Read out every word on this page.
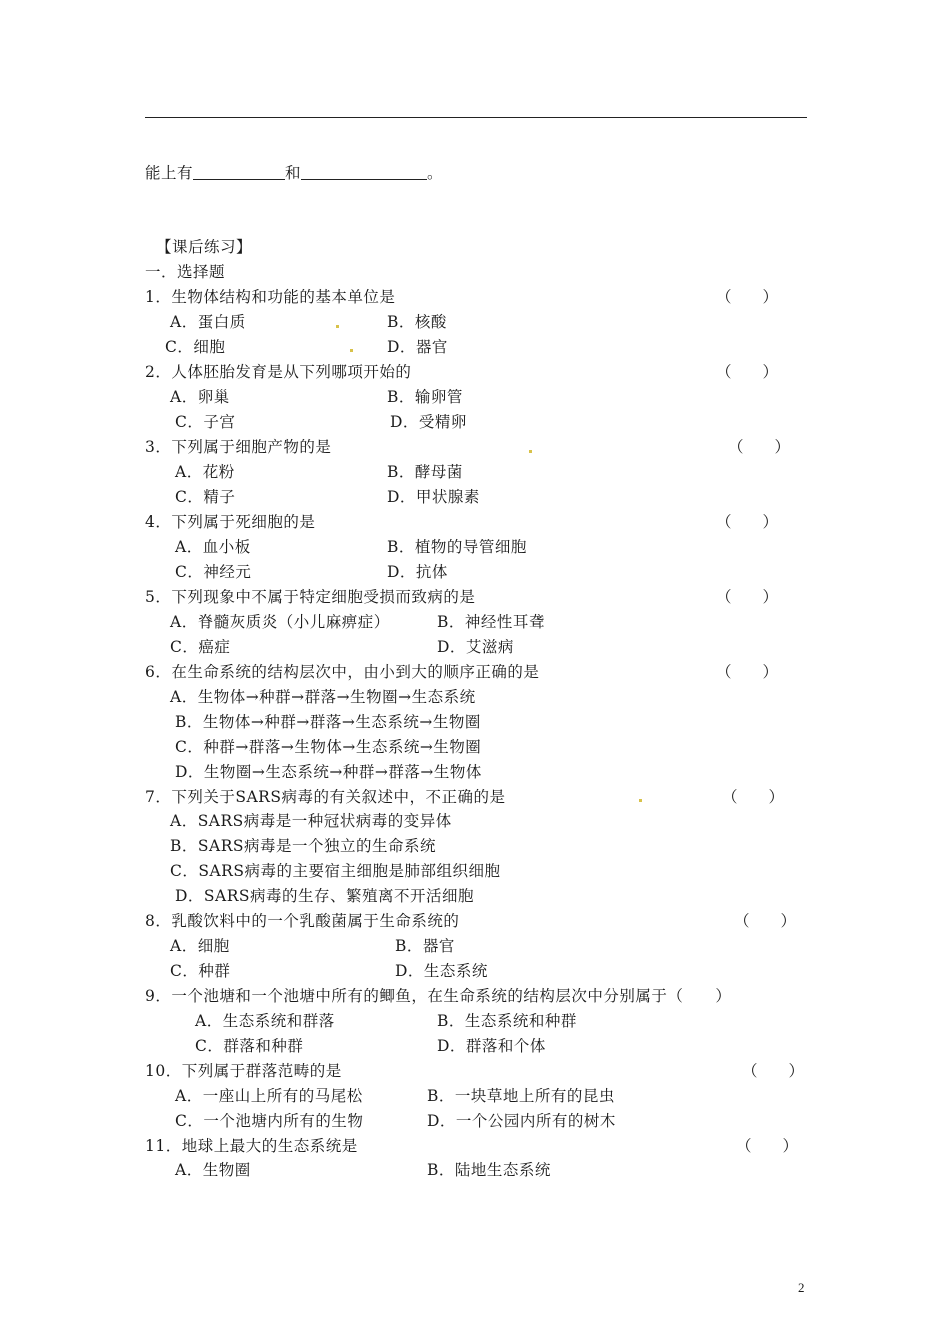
能上有	和	。
【课后练习】
一．选择题
1．生物体结构和功能的基本单位是	（　　）
A．蛋白质	B．核酸
C．细胞	D．器官
2．人体胚胎发育是从下列哪项开始的	（　　）
A．卵巢	B．输卵管
C．子宫	D．受精卵
3．下列属于细胞产物的是	（　　）
A．花粉	B．酵母菌
C．精子	D．甲状腺素
4．下列属于死细胞的是	（　　）
A．血小板	B．植物的导管细胞
C．神经元	D．抗体
5．下列现象中不属于特定细胞受损而致病的是	（　　）
A．脊髓灰质炎（小儿麻痹症）	B．神经性耳聋
C．癌症	D．艾滋病
6．在生命系统的结构层次中，由小到大的顺序正确的是	（　　）
A．生物体→种群→群落→生物圈→生态系统
B．生物体→种群→群落→生态系统→生物圈
C．种群→群落→生物体→生态系统→生物圈
D．生物圈→生态系统→种群→群落→生物体
7．下列关于SARS病毒的有关叙述中，不正确的是	（　　）
A．SARS病毒是一种冠状病毒的变异体
B．SARS病毒是一个独立的生命系统
C．SARS病毒的主要宿主细胞是肺部组织细胞
D．SARS病毒的生存、繁殖离不开活细胞
8．乳酸饮料中的一个乳酸菌属于生命系统的	（　　）
A．细胞	B．器官
C．种群	D．生态系统
9．一个池塘和一个池塘中所有的鲫鱼，在生命系统的结构层次中分别属于（　　）
A．生态系统和群落	B．生态系统和种群
C．群落和种群	D．群落和个体
10．下列属于群落范畴的是	（　　）
A．一座山上所有的马尾松	B．一块草地上所有的昆虫
C．一个池塘内所有的生物	D．一个公园内所有的树木
11．地球上最大的生态系统是	（　　）
A．生物圈	B．陆地生态系统
2
